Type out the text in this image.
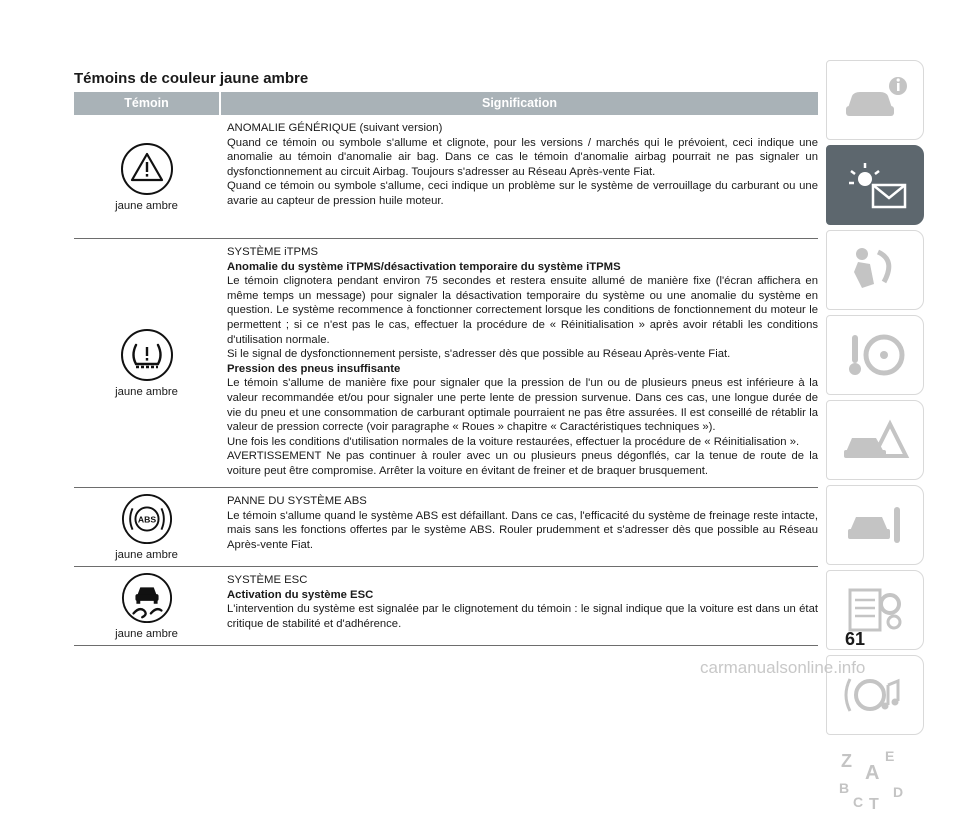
Témoins de couleur jaune ambre
Témoin	Signification
jaune ambre

ANOMALIE GÉNÉRIQUE (suivant version)

Quand ce témoin ou symbole s'allume et clignote, pour les versions / marchés qui le prévoient, ceci indique une anomalie au témoin d'anomalie air bag. Dans ce cas le témoin d'anomalie airbag pourrait ne pas signaler un dysfonctionnement au circuit Airbag. Toujours s'adresser au Réseau Après-vente Fiat.

Quand ce témoin ou symbole s'allume, ceci indique un problème sur le système de verrouillage du carburant ou une avarie au capteur de pression huile moteur.

jaune ambre

SYSTÈME iTPMS

Anomalie du système iTPMS/désactivation temporaire du système iTPMS

Le témoin clignotera pendant environ 75 secondes et restera ensuite allumé de manière fixe (l'écran affichera en même temps un message) pour signaler la désactivation temporaire du système ou une anomalie du système en question. Le système recommence à fonctionner correctement lorsque les conditions de fonctionnement du moteur le permettent ; si ce n'est pas le cas, effectuer la procédure de « Réinitialisation » après avoir rétabli les conditions d'utilisation normale.

Si le signal de dysfonctionnement persiste, s'adresser dès que possible au Réseau Après-vente Fiat.

Pression des pneus insuffisante

Le témoin s'allume de manière fixe pour signaler que la pression de l'un ou de plusieurs pneus est inférieure à la valeur recommandée et/ou pour signaler une perte lente de pression survenue. Dans ces cas, une longue durée de vie du pneu et une consommation de carburant optimale pourraient ne pas être assurées. Il est conseillé de rétablir la valeur de pression correcte (voir paragraphe « Roues » chapitre « Caractéristiques techniques »).

Une fois les conditions d'utilisation normales de la voiture restaurées, effectuer la procédure de « Réinitialisation ».

AVERTISSEMENT Ne pas continuer à rouler avec un ou plusieurs pneus dégonflés, car la tenue de route de la voiture peut être compromise. Arrêter la voiture en évitant de freiner et de braquer brusquement.

ABS
jaune ambre

PANNE DU SYSTÈME ABS

Le témoin s'allume quand le système ABS est défaillant. Dans ce cas, l'efficacité du système de freinage reste intacte, mais sans les fonctions offertes par le système ABS. Rouler prudemment et s'adresser dès que possible au Réseau Après-vente Fiat.

jaune ambre

SYSTÈME ESC

Activation du système ESC

L'intervention du système est signalée par le clignotement du témoin : le signal indique que la voiture est dans un état critique de stabilité et d'adhérence.

Z E
A
B
C T
D
61
carmanualsonline.info
